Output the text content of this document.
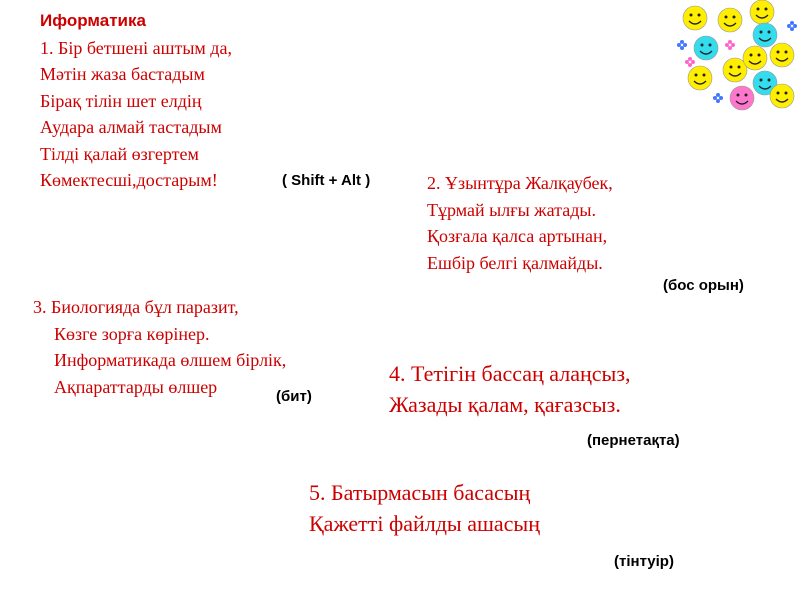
Иформатика
1. Бір бетшені аштым да,
Мәтін жаза бастадым
Бірақ тілін шет елдің
Аудара алмай тастадым
Тілді қалай өзгертем
Көмектесші,достарым!	( Shift + Alt )	2. Ұзынтұра Жалқаубек,
Тұрмай ылғы жатады.
Қозғала қалса артынан,
Ешбір белгі қалмайды.
(бос орын)
3. Биологияда бұл паразит,
Көзге зорға көрінер.
Информатикада өлшем бірлік,
Ақпараттарды өлшер	(бит)
4. Тетігін бассаң алаңсыз,
Жазады қалам, қағазсыз.
(пернетақта)
5. Батырмасын басасың
Қажетті файлды ашасың
(тінтуір)
